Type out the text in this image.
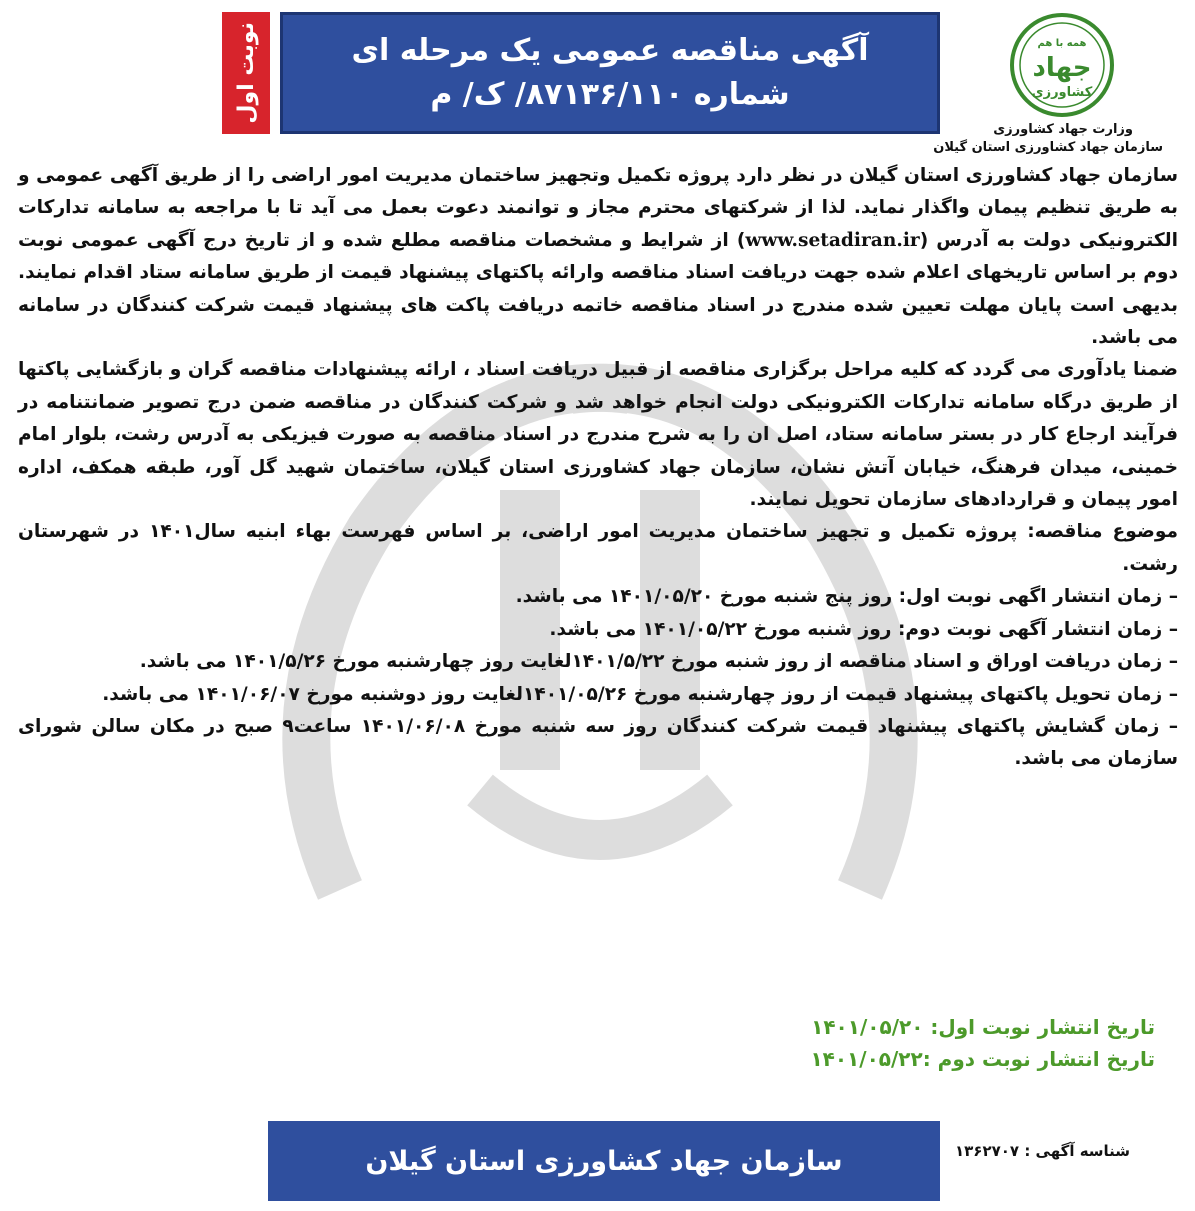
نوبت اول	آگهی مناقصه عمومی یک مرحله ای
شماره ۸۷۱۳۶/۱۱۰/ ک/ م
همه با هم
جهاد
کشاورزی
وزارت جهاد کشاورزی
سازمان جهاد کشاورزی استان گیلان

سازمان جهاد کشاورزی استان گیلان در نظر دارد پروژه تکمیل وتجهیز ساختمان مدیریت امور اراضی را از طریق آگهی عمومی و به طریق تنظیم پیمان واگذار نماید. لذا از شرکتهای محترم مجاز و توانمند دعوت بعمل می آید تا با مراجعه به سامانه تدارکات الکترونیکی دولت به آدرس (www.setadiran.ir) از شرایط و مشخصات مناقصه مطلع شده و از تاریخ درج آگهی عمومی نوبت دوم بر اساس تاریخهای اعلام شده جهت دریافت اسناد مناقصه وارائه پاکتهای پیشنهاد قیمت از طریق سامانه ستاد اقدام نمایند. بدیهی است پایان مهلت تعیین شده مندرج در اسناد مناقصه خاتمه دریافت پاکت های پیشنهاد قیمت شرکت کنندگان در سامانه می باشد.

ضمنا یادآوری می گردد که کلیه مراحل برگزاری مناقصه از قبیل دریافت اسناد ، ارائه پیشنهادات مناقصه گران و بازگشایی پاکتها از طریق درگاه سامانه تدارکات الکترونیکی دولت انجام خواهد شد و شرکت کنندگان در مناقصه ضمن درج تصویر ضمانتنامه در فرآیند ارجاع کار در بستر سامانه ستاد، اصل ان را به شرح مندرج در اسناد مناقصه به صورت فیزیکی به آدرس رشت، بلوار امام خمینی، میدان فرهنگ، خیابان آتش نشان، سازمان جهاد کشاورزی استان گیلان، ساختمان شهید گل آور، طبقه همکف، اداره امور پیمان و قراردادهای سازمان تحویل نمایند.

موضوع مناقصه: پروژه تکمیل و تجهیز ساختمان مدیریت امور اراضی، بر اساس فهرست بهاء ابنیه سال۱۴۰۱ در شهرستان رشت.

– زمان انتشار اگهی نوبت اول: روز پنج شنبه مورخ ۱۴۰۱/۰۵/۲۰ می باشد.

– زمان انتشار آگهی نوبت دوم: روز شنبه مورخ ۱۴۰۱/۰۵/۲۲ می باشد.

– زمان دریافت اوراق و اسناد مناقصه از روز شنبه مورخ ۱۴۰۱/۵/۲۲لغایت روز چهارشنبه مورخ ۱۴۰۱/۵/۲۶ می باشد.

– زمان تحویل پاکتهای پیشنهاد قیمت از روز چهارشنبه مورخ ۱۴۰۱/۰۵/۲۶لغایت روز دوشنبه مورخ ۱۴۰۱/۰۶/۰۷ می باشد.

– زمان گشایش پاکتهای پیشنهاد قیمت شرکت کنندگان روز سه شنبه مورخ ۱۴۰۱/۰۶/۰۸ ساعت۹ صبح در مکان سالن شورای سازمان می باشد.

تاریخ انتشار نوبت اول: ۱۴۰۱/۰۵/۲۰
تاریخ انتشار نوبت دوم :۱۴۰۱/۰۵/۲۲
سازمان جهاد کشاورزی استان گیلان	شناسه آگهی : ۱۳۶۲۷۰۷
